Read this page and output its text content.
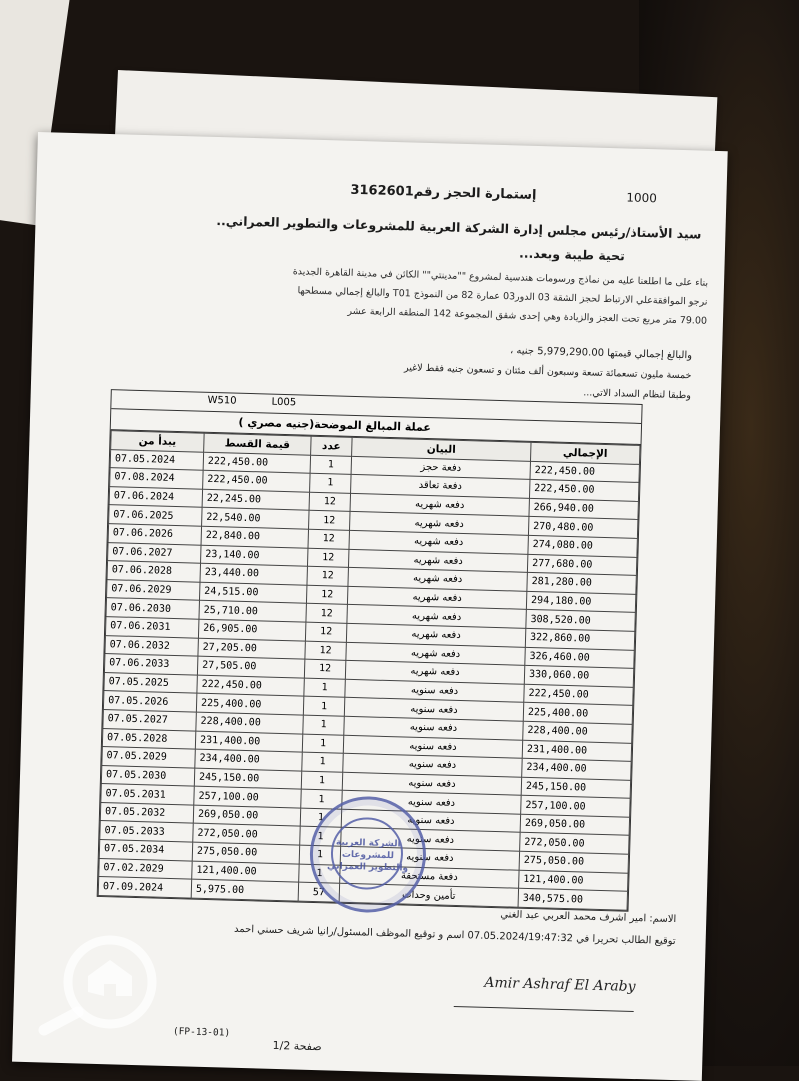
إستمارة الحجز رقم3162601	1000
سيد الأستاذ/رئيس مجلس إدارة الشركة العربية للمشروعات والتطوير العمراني..
تحية طيبة وبعد...
بناء على ما اطلعنا عليه من نماذج ورسومات هندسية لمشروع ""مدينتي"" الكائن في مدينة القاهرة الجديدة
نرجو الموافقةعلي الارتباط لحجز الشقة 03 الدور03 عمارة 82 من النموذج T01 والبالغ إجمالي مسطحها
79.00 متر مربع تحت العجز والزيادة وهي إحدى شقق المجموعة 142 المنطقه الرابعة عشر
والبالغ إجمالي قيمتها 5,979,290.00 جنيه ،
خمسة مليون تسعمائة تسعة وسبعون ألف مئتان و تسعون جنيه فقط لاغير
وطبقا لنظام السداد الاتي...
W510	L005
عملة المبالغ الموضحة(جنيه مصري )
يبدأ من	قيمة القسط	عدد	البيان	الإجمالي
07.05.2024	222,450.00	1	دفعة حجز	222,450.00
07.08.2024	222,450.00	1	دفعة تعاقد	222,450.00
07.06.2024	22,245.00	12	دفعه شهريه	266,940.00
07.06.2025	22,540.00	12	دفعه شهريه	270,480.00
07.06.2026	22,840.00	12	دفعه شهريه	274,080.00
07.06.2027	23,140.00	12	دفعه شهريه	277,680.00
07.06.2028	23,440.00	12	دفعه شهريه	281,280.00
07.06.2029	24,515.00	12	دفعه شهريه	294,180.00
07.06.2030	25,710.00	12	دفعه شهريه	308,520.00
07.06.2031	26,905.00	12	دفعه شهريه	322,860.00
07.06.2032	27,205.00	12	دفعه شهريه	326,460.00
07.06.2033	27,505.00	12	دفعه شهريه	330,060.00
07.05.2025	222,450.00	1	دفعه سنويه	222,450.00
07.05.2026	225,400.00	1	دفعه سنويه	225,400.00
07.05.2027	228,400.00	1	دفعه سنويه	228,400.00
07.05.2028	231,400.00	1	دفعه سنويه	231,400.00
07.05.2029	234,400.00	1	دفعه سنويه	234,400.00
07.05.2030	245,150.00	1	دفعه سنويه	245,150.00
07.05.2031	257,100.00	1	دفعه سنويه	257,100.00
07.05.2032	269,050.00	1	دفعه سنويه	269,050.00
07.05.2033	272,050.00	1	دفعه سنويه	272,050.00
07.05.2034	275,050.00	1	دفعه سنويه	275,050.00
07.02.2029	121,400.00	1	دفعة مستحقة	121,400.00
07.09.2024	5,975.00	57	تأمين وحدات	340,575.00
الشركة العربية للمشروعات والتطوير العمراني
الاسم: امير اشرف محمد العربي عبد الغني
توقيع الطالب تحريرا في 07.05.2024/19:47:32 اسم و توقيع الموظف المسئول/رانيا شريف حسني احمد
Amir Ashraf El Araby
(FP-13-01)
صفحة 1/2
